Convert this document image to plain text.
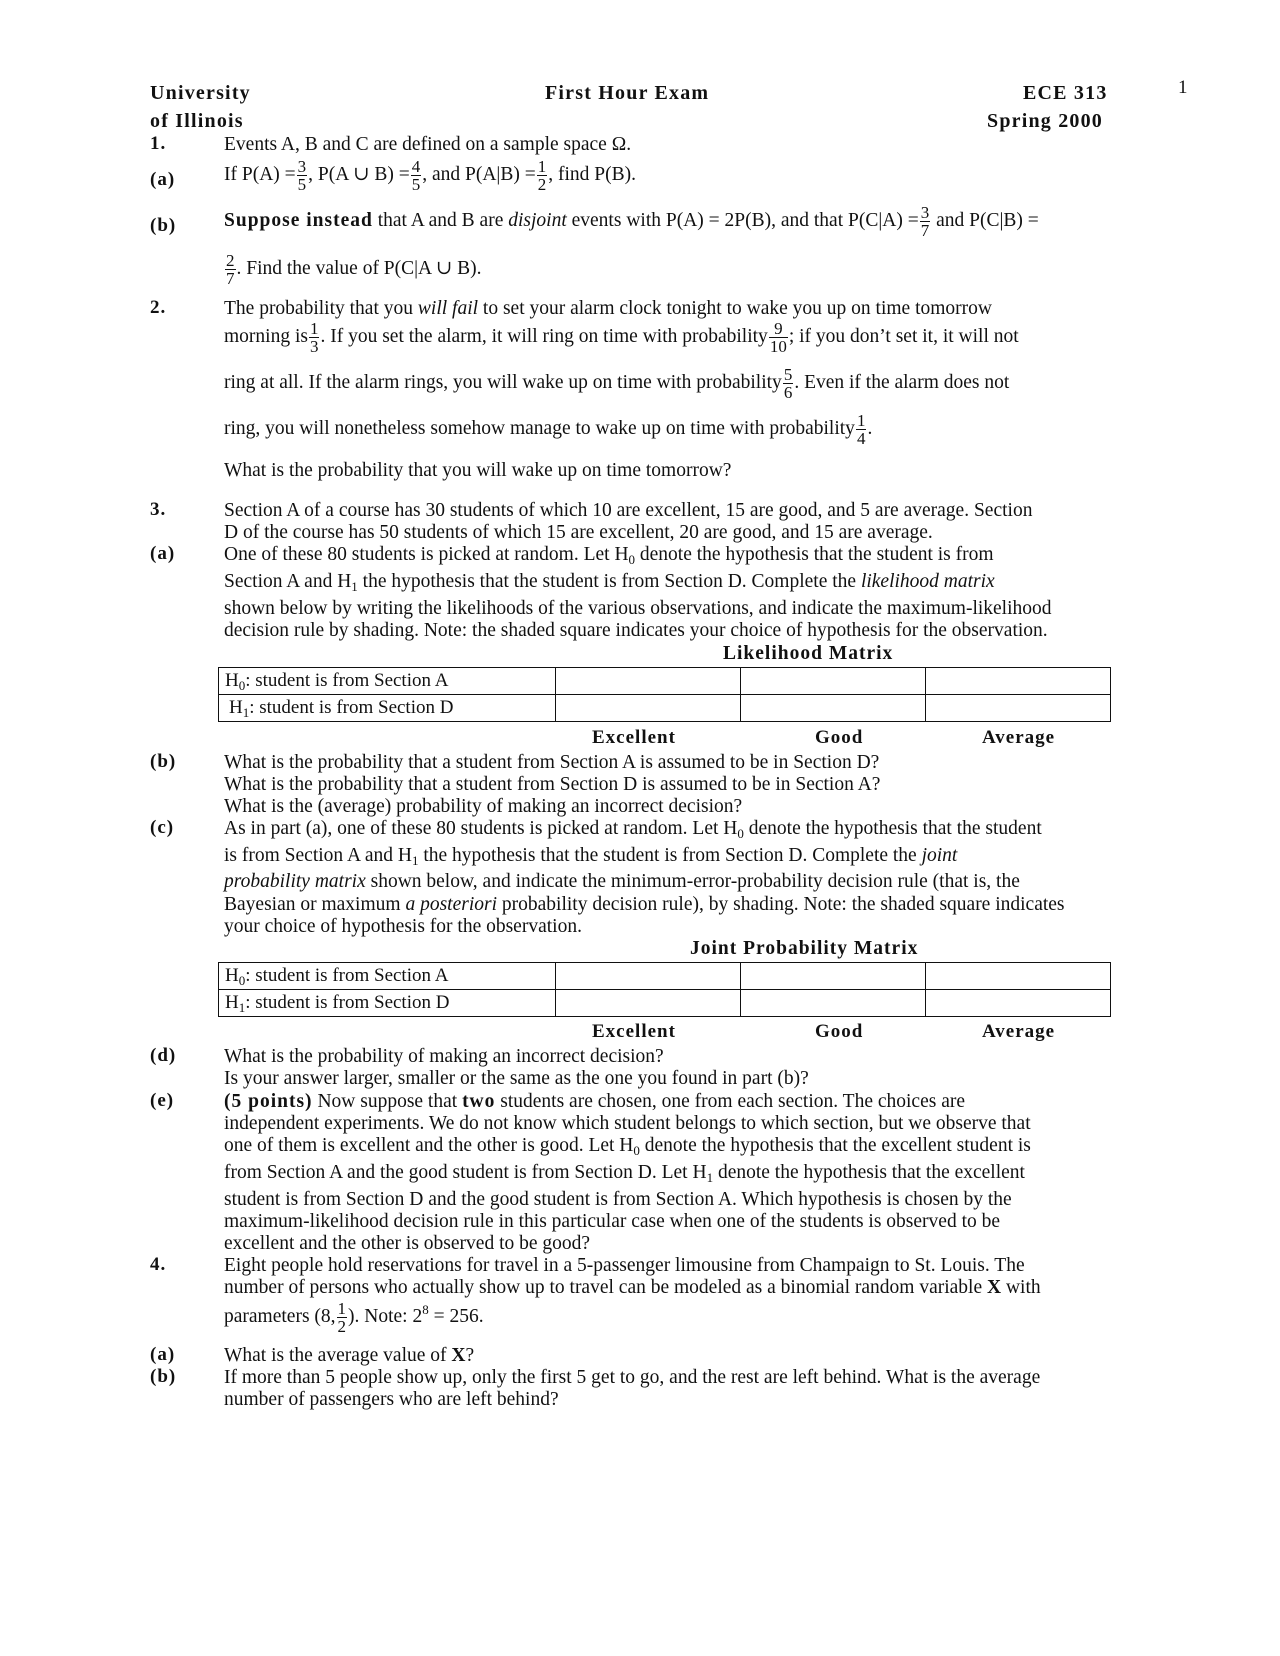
University
of Illinois
First Hour Exam	ECE 313
Spring 2000
1
1.	Events A, B and C are defined on a sample space Ω.
(a)	If $P(A) = \frac{3}{5}$ , P(A ∪ $B) = \frac{4}{5}$ , and $P(A|B) = \frac{1}{2}$ , find P(B).
(b) Suppose instead that A and B are disjoint events with P(A) = 2P(B), and that $P(C|A) = \frac{3}{7}$ and P(C|B) =
$\frac{2}{7}$ . Find the value of P(C|A ∪ B).
2.	The probability that you will fail to set your alarm clock tonight to wake you up on time tomorrow
morning is $\frac{1}{3}$ . If you set the alarm, it will ring on time with probability $\frac{9}{10}$ ; if you don’t set it, it will not
ring at all. If the alarm rings, you will wake up on time with probability $\frac{5}{6}$ . Even if the alarm does not
ring, you will nonetheless somehow manage to wake up on time with probability $\frac{1}{4}$ .
What is the probability that you will wake up on time tomorrow?
3.	Section A of a course has 30 students of which 10 are excellent, 15 are good, and 5 are average. Section
D of the course has 50 students of which 15 are excellent, 20 are good, and 15 are average.
(a)	One of these 80 students is picked at random. Let $H_0$ denote the hypothesis that the student is from
Section A and $H_1$ the hypothesis that the student is from Section D. Complete the likelihood matrix
shown below by writing the likelihoods of the various observations, and indicate the maximum-likelihood
decision rule by shading. Note: the shaded square indicates your choice of hypothesis for the observation.
Likelihood Matrix
$H_0$: student is from Section A			
$H_1$: student is from Section D			
Excellent	Good	Average
(b) What is the probability that a student from Section A is assumed to be in Section D?
What is the probability that a student from Section D is assumed to be in Section A?
What is the (average) probability of making an incorrect decision?
(c)	As in part (a), one of these 80 students is picked at random. Let $H_0$ denote the hypothesis that the student
is from Section A and $H_1$ the hypothesis that the student is from Section D. Complete the joint
probability matrix shown below, and indicate the minimum-error-probability decision rule (that is, the
Bayesian or maximum a posteriori probability decision rule), by shading. Note: the shaded square indicates
your choice of hypothesis for the observation.
Joint Probability Matrix
$H_0$: student is from Section A			
$H_1$: student is from Section D			
Excellent	Good	Average
(d) What is the probability of making an incorrect decision?
Is your answer larger, smaller or the same as the one you found in part (b)?
(e)	(5 points) Now suppose that two students are chosen, one from each section. The choices are
independent experiments. We do not know which student belongs to which section, but we observe that
one of them is excellent and the other is good. Let $H_0$ denote the hypothesis that the excellent student is
from Section A and the good student is from Section D. Let $H_1$ denote the hypothesis that the excellent
student is from Section D and the good student is from Section A. Which hypothesis is chosen by the
maximum-likelihood decision rule in this particular case when one of the students is observed to be
excellent and the other is observed to be good?
4.	Eight people hold reservations for travel in a 5-passenger limousine from Champaign to St. Louis. The
number of persons who actually show up to travel can be modeled as a binomial random variable X with
parameters (8, $\frac{1}{2}$ ). Note: $2^8 = 256$.
(a)	What is the average value of X?
(b) If more than 5 people show up, only the first 5 get to go, and the rest are left behind. What is the average
number of passengers who are left behind?
